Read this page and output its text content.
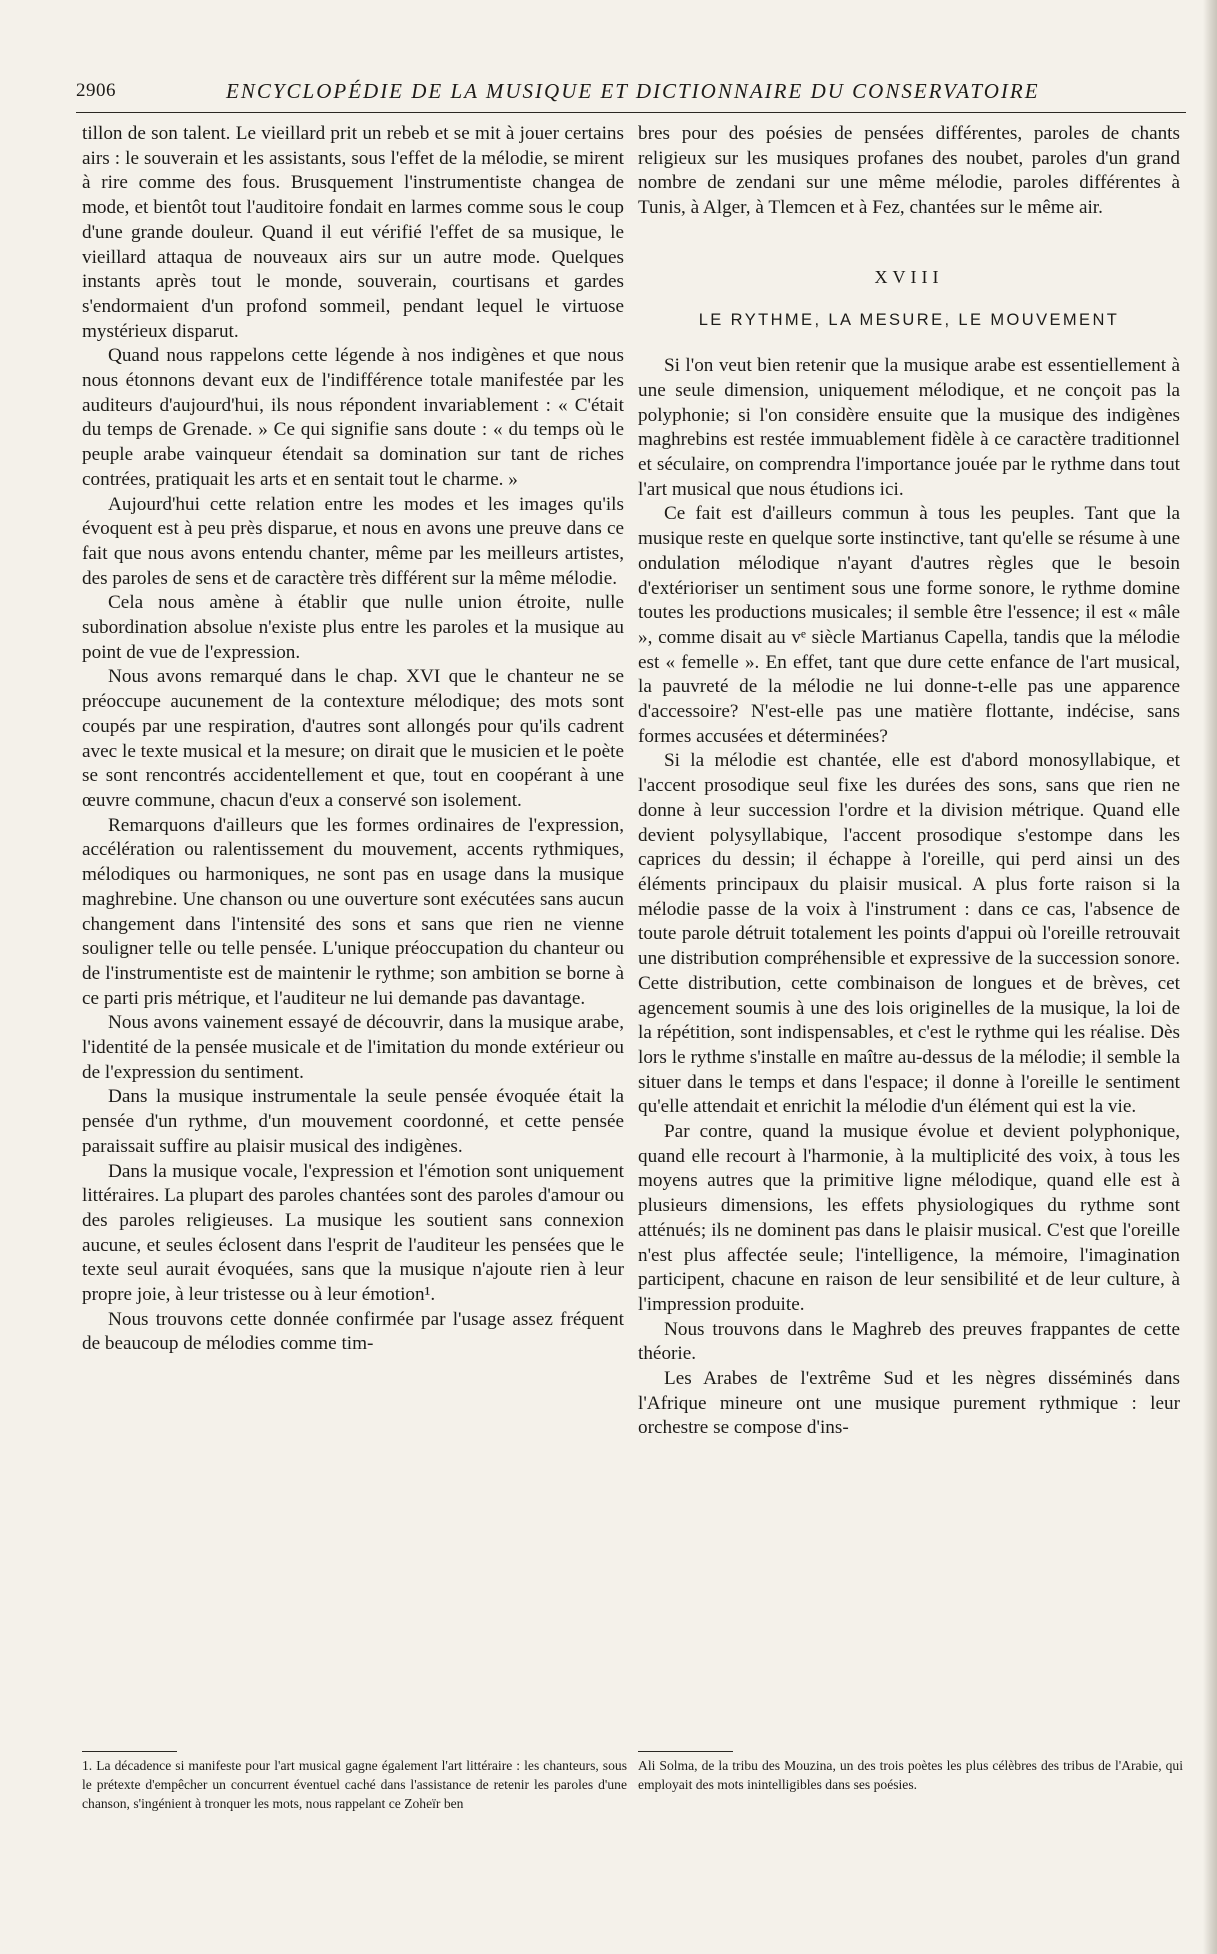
2906	ENCYCLOPÉDIE DE LA MUSIQUE ET DICTIONNAIRE DU CONSERVATOIRE

tillon de son talent. Le vieillard prit un rebeb et se mit à jouer certains airs : le souverain et les assistants, sous l'effet de la mélodie, se mirent à rire comme des fous. Brusquement l'instrumentiste changea de mode, et bientôt tout l'auditoire fondait en larmes comme sous le coup d'une grande douleur. Quand il eut vérifié l'effet de sa musique, le vieillard attaqua de nouveaux airs sur un autre mode. Quelques instants après tout le monde, souverain, courtisans et gardes s'endormaient d'un profond sommeil, pendant lequel le virtuose mystérieux disparut.

Quand nous rappelons cette légende à nos indigènes et que nous nous étonnons devant eux de l'indifférence totale manifestée par les auditeurs d'aujourd'hui, ils nous répondent invariablement : « C'était du temps de Grenade. » Ce qui signifie sans doute : « du temps où le peuple arabe vainqueur étendait sa domination sur tant de riches contrées, pratiquait les arts et en sentait tout le charme. »

Aujourd'hui cette relation entre les modes et les images qu'ils évoquent est à peu près disparue, et nous en avons une preuve dans ce fait que nous avons entendu chanter, même par les meilleurs artistes, des paroles de sens et de caractère très différent sur la même mélodie.

Cela nous amène à établir que nulle union étroite, nulle subordination absolue n'existe plus entre les paroles et la musique au point de vue de l'expression.

Nous avons remarqué dans le chap. XVI que le chanteur ne se préoccupe aucunement de la contexture mélodique; des mots sont coupés par une respiration, d'autres sont allongés pour qu'ils cadrent avec le texte musical et la mesure; on dirait que le musicien et le poète se sont rencontrés accidentellement et que, tout en coopérant à une œuvre commune, chacun d'eux a conservé son isolement.

Remarquons d'ailleurs que les formes ordinaires de l'expression, accélération ou ralentissement du mouvement, accents rythmiques, mélodiques ou harmoniques, ne sont pas en usage dans la musique maghrebine. Une chanson ou une ouverture sont exécutées sans aucun changement dans l'intensité des sons et sans que rien ne vienne souligner telle ou telle pensée. L'unique préoccupation du chanteur ou de l'instrumentiste est de maintenir le rythme; son ambition se borne à ce parti pris métrique, et l'auditeur ne lui demande pas davantage.

Nous avons vainement essayé de découvrir, dans la musique arabe, l'identité de la pensée musicale et de l'imitation du monde extérieur ou de l'expression du sentiment.

Dans la musique instrumentale la seule pensée évoquée était la pensée d'un rythme, d'un mouvement coordonné, et cette pensée paraissait suffire au plaisir musical des indigènes.

Dans la musique vocale, l'expression et l'émotion sont uniquement littéraires. La plupart des paroles chantées sont des paroles d'amour ou des paroles religieuses. La musique les soutient sans connexion aucune, et seules éclosent dans l'esprit de l'auditeur les pensées que le texte seul aurait évoquées, sans que la musique n'ajoute rien à leur propre joie, à leur tristesse ou à leur émotion¹.

Nous trouvons cette donnée confirmée par l'usage assez fréquent de beaucoup de mélodies comme tim-

bres pour des poésies de pensées différentes, paroles de chants religieux sur les musiques profanes des noubet, paroles d'un grand nombre de zendani sur une même mélodie, paroles différentes à Tunis, à Alger, à Tlemcen et à Fez, chantées sur le même air.

XVIII
LE RYTHME, LA MESURE, LE MOUVEMENT

Si l'on veut bien retenir que la musique arabe est essentiellement à une seule dimension, uniquement mélodique, et ne conçoit pas la polyphonie; si l'on considère ensuite que la musique des indigènes maghrebins est restée immuablement fidèle à ce caractère traditionnel et séculaire, on comprendra l'importance jouée par le rythme dans tout l'art musical que nous étudions ici.

Ce fait est d'ailleurs commun à tous les peuples. Tant que la musique reste en quelque sorte instinctive, tant qu'elle se résume à une ondulation mélodique n'ayant d'autres règles que le besoin d'extérioriser un sentiment sous une forme sonore, le rythme domine toutes les productions musicales; il semble être l'essence; il est « mâle », comme disait au vᵉ siècle Martianus Capella, tandis que la mélodie est « femelle ». En effet, tant que dure cette enfance de l'art musical, la pauvreté de la mélodie ne lui donne-t-elle pas une apparence d'accessoire? N'est-elle pas une matière flottante, indécise, sans formes accusées et déterminées?

Si la mélodie est chantée, elle est d'abord monosyllabique, et l'accent prosodique seul fixe les durées des sons, sans que rien ne donne à leur succession l'ordre et la division métrique. Quand elle devient polysyllabique, l'accent prosodique s'estompe dans les caprices du dessin; il échappe à l'oreille, qui perd ainsi un des éléments principaux du plaisir musical. A plus forte raison si la mélodie passe de la voix à l'instrument : dans ce cas, l'absence de toute parole détruit totalement les points d'appui où l'oreille retrouvait une distribution compréhensible et expressive de la succession sonore. Cette distribution, cette combinaison de longues et de brèves, cet agencement soumis à une des lois originelles de la musique, la loi de la répétition, sont indispensables, et c'est le rythme qui les réalise. Dès lors le rythme s'installe en maître au-dessus de la mélodie; il semble la situer dans le temps et dans l'espace; il donne à l'oreille le sentiment qu'elle attendait et enrichit la mélodie d'un élément qui est la vie.

Par contre, quand la musique évolue et devient polyphonique, quand elle recourt à l'harmonie, à la multiplicité des voix, à tous les moyens autres que la primitive ligne mélodique, quand elle est à plusieurs dimensions, les effets physiologiques du rythme sont atténués; ils ne dominent pas dans le plaisir musical. C'est que l'oreille n'est plus affectée seule; l'intelligence, la mémoire, l'imagination participent, chacune en raison de leur sensibilité et de leur culture, à l'impression produite.

Nous trouvons dans le Maghreb des preuves frappantes de cette théorie.

Les Arabes de l'extrême Sud et les nègres disséminés dans l'Afrique mineure ont une musique purement rythmique : leur orchestre se compose d'ins-

1. La décadence si manifeste pour l'art musical gagne également l'art littéraire : les chanteurs, sous le prétexte d'empêcher un concurrent éventuel caché dans l'assistance de retenir les paroles d'une chanson, s'ingénient à tronquer les mots, nous rappelant ce Zoheïr ben
Ali Solma, de la tribu des Mouzina, un des trois poètes les plus célèbres des tribus de l'Arabie, qui employait des mots inintelligibles dans ses poésies.
